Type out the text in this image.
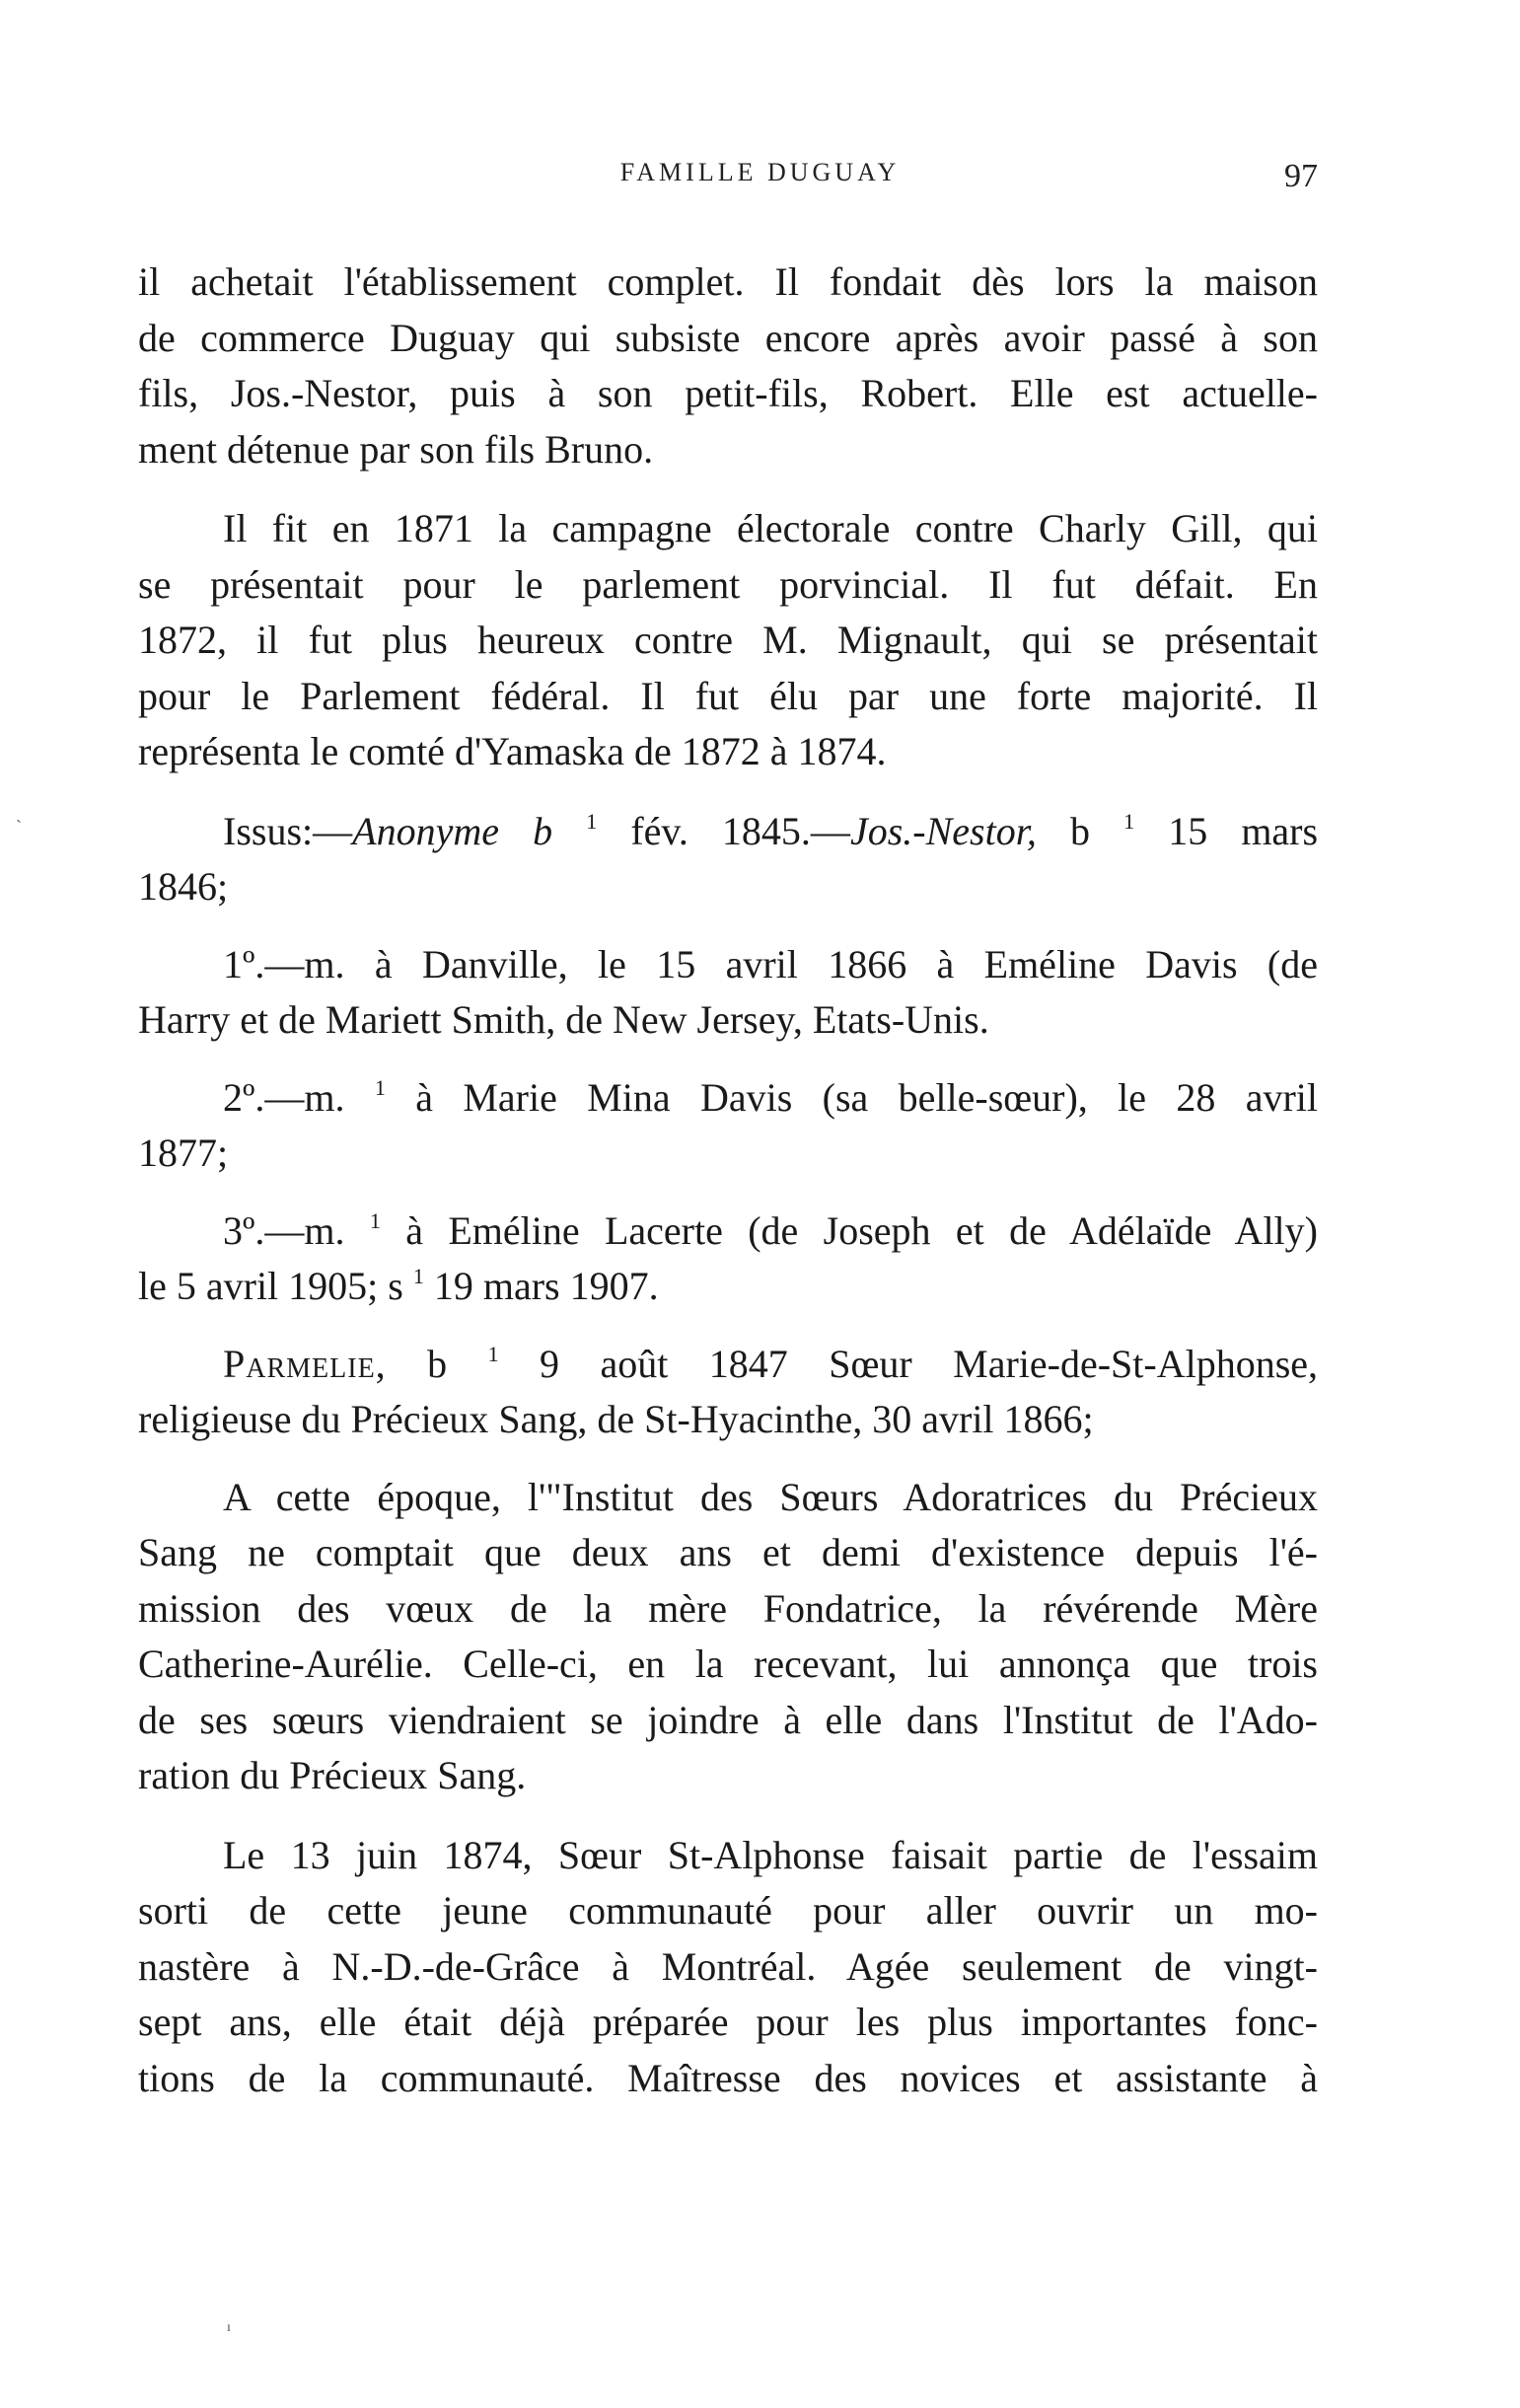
FAMILLE DUGUAY	97

il achetait l'établissement complet. Il fondait dès lors la maison
de commerce Duguay qui subsiste encore après avoir passé à son
fils, Jos.-Nestor, puis à son petit-fils, Robert. Elle est actuelle-
ment détenue par son fils Bruno.

Il fit en 1871 la campagne électorale contre Charly Gill, qui
se présentait pour le parlement porvincial. Il fut défait. En
1872, il fut plus heureux contre M. Mignault, qui se présentait
pour le Parlement fédéral. Il fut élu par une forte majorité. Il
représenta le comté d'Yamaska de 1872 à 1874.

Issus:—Anonyme b $^1$ fév. 1845.—Jos.-Nestor, b $^1$ 15 mars
1846;

1º.—m. à Danville, le 15 avril 1866 à Eméline Davis (de
Harry et de Mariett Smith, de New Jersey, Etats-Unis.

2º.—m. $^1$ à Marie Mina Davis (sa belle-sœur), le 28 avril
1877;

3º.—m. $^1$ à Eméline Lacerte (de Joseph et de Adélaïde Ally)
le 5 avril 1905; s $^1$ 19 mars 1907.

Parmelie, b $^1$ 9 août 1847 Sœur Marie-de-St-Alphonse,
religieuse du Précieux Sang, de St-Hyacinthe, 30 avril 1866;

A cette époque, l'"Institut des Sœurs Adoratrices du Précieux
Sang ne comptait que deux ans et demi d'existence depuis l'é-
mission des vœux de la mère Fondatrice, la révérende Mère
Catherine-Aurélie. Celle-ci, en la recevant, lui annonça que trois
de ses sœurs viendraient se joindre à elle dans l'Institut de l'Ado-
ration du Précieux Sang.

Le 13 juin 1874, Sœur St-Alphonse faisait partie de l'essaim
sorti de cette jeune communauté pour aller ouvrir un mo-
nastère à N.-D.-de-Grâce à Montréal. Agée seulement de vingt-
sept ans, elle était déjà préparée pour les plus importantes fonc-
tions de la communauté. Maîtresse des novices et assistante à

`
ı
